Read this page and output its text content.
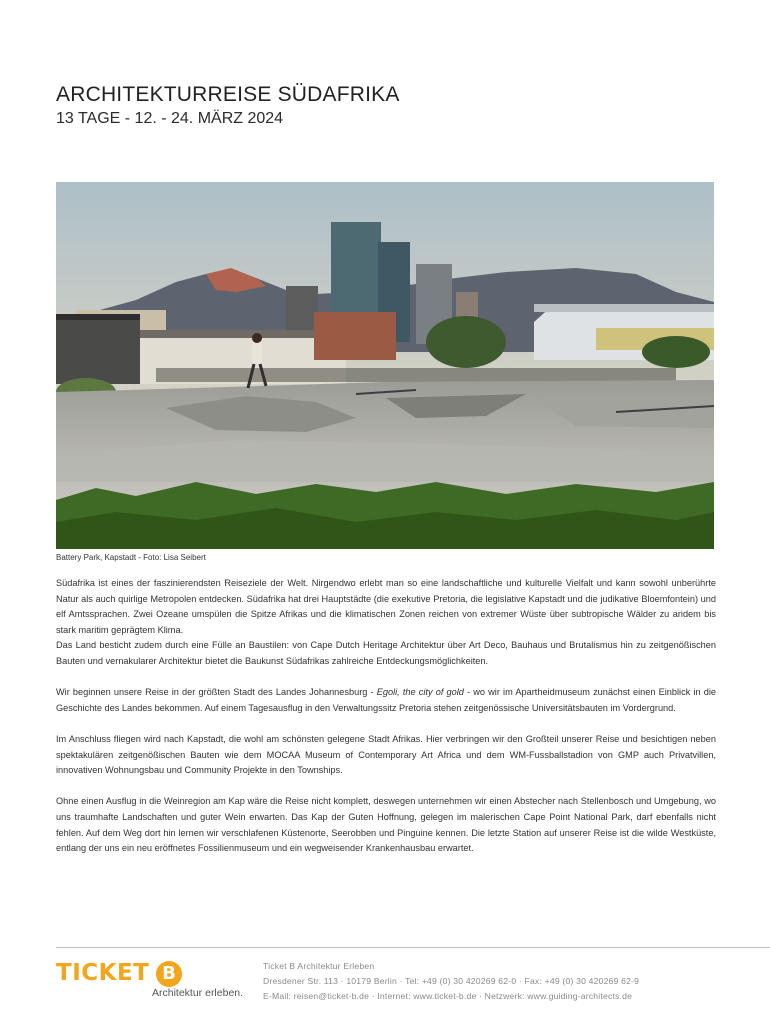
ARCHITEKTURREISE SÜDAFRIKA
13 TAGE - 12. - 24. MÄRZ 2024
Battery Park, Kapstadt - Foto: Lisa Seibert

Südafrika ist eines der faszinierendsten Reiseziele der Welt. Nirgendwo erlebt man so eine landschaftliche und kulturelle Vielfalt und kann sowohl unberührte Natur als auch quirlige Metropolen entdecken. Südafrika hat drei Hauptstädte (die exekutive Pretoria, die legislative Kapstadt und die judikative Bloemfontein) und elf Amtssprachen. Zwei Ozeane umspülen die Spitze Afrikas und die klimatischen Zonen reichen von extremer Wüste über subtropische Wälder zu aridem bis stark maritim geprägtem Klima.

Das Land besticht zudem durch eine Fülle an Baustilen: von Cape Dutch Heritage Architektur über Art Deco, Bauhaus und Brutalismus hin zu zeitgenößischen Bauten und vernakularer Architektur bietet die Baukunst Südafrikas zahlreiche Entdeckungsmöglichkeiten.

Wir beginnen unsere Reise in der größten Stadt des Landes Johannesburg - Egoli, the city of gold - wo wir im Apartheidmuseum zunächst einen Einblick in die Geschichte des Landes bekommen. Auf einem Tagesausflug in den Verwaltungssitz Pretoria stehen zeitgenössische Universitätsbauten im Vordergrund.

Im Anschluss fliegen wird nach Kapstadt, die wohl am schönsten gelegene Stadt Afrikas. Hier verbringen wir den Großteil unserer Reise und besichtigen neben spektakulären zeitgenößischen Bauten wie dem MOCAA Museum of Contemporary Art Africa und dem WM-Fussballstadion von GMP auch Privatvillen, innovativen Wohnungsbau und Community Projekte in den Townships.

Ohne einen Ausflug in die Weinregion am Kap wäre die Reise nicht komplett, deswegen unternehmen wir einen Abstecher nach Stellenbosch und Umgebung, wo uns traumhafte Landschaften und guter Wein erwarten. Das Kap der Guten Hoffnung, gelegen im malerischen Cape Point National Park, darf ebenfalls nicht fehlen. Auf dem Weg dort hin lernen wir verschlafenen Küstenorte, Seerobben und Pinguine kennen. Die letzte Station auf unserer Reise ist die wilde Westküste, entlang der uns ein neu eröffnetes Fossilienmuseum und ein wegweisender Krankenhausbau erwartet.

TICKET B
Architektur erleben.
Ticket B Architektur Erleben
Dresdener Str. 113 · 10179 Berlin · Tel: +49 (0) 30 420269 62-0 · Fax: +49 (0) 30 420269 62-9
E-Mail: reisen@ticket-b.de · Internet: www.ticket-b.de · Netzwerk: www.guiding-architects.de
